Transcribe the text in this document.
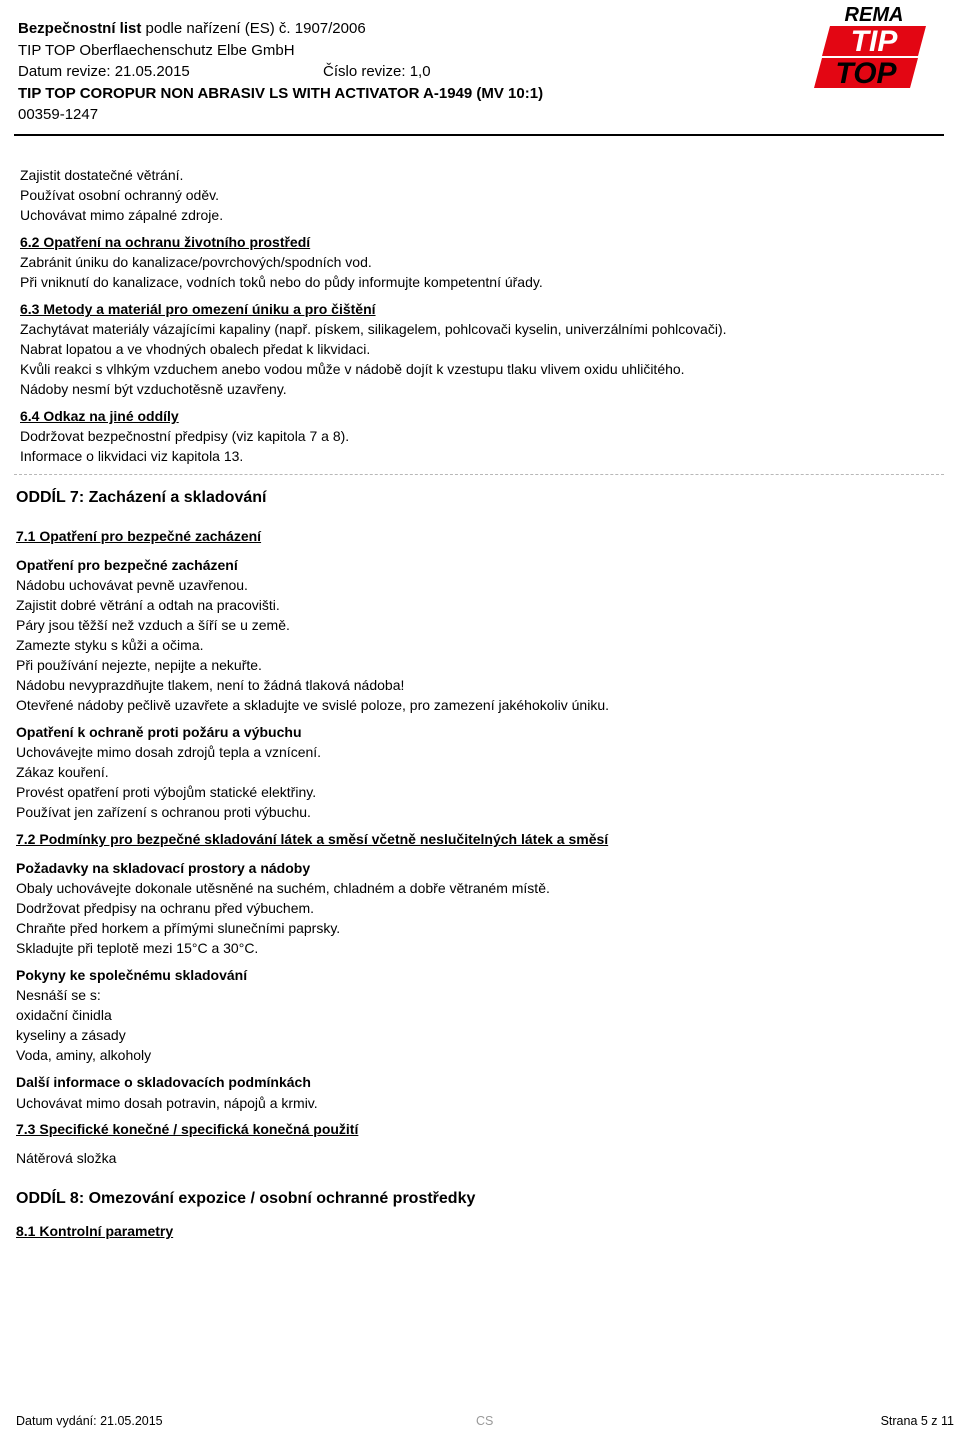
Bezpečnostní list podle nařízení (ES) č. 1907/2006
TIP TOP Oberflaechenschutz Elbe GmbH
Datum revize: 21.05.2015	Číslo revize: 1,0
TIP TOP COROPUR NON ABRASIV LS WITH ACTIVATOR A-1949 (MV 10:1)
00359-1247
REMA
TIP
TOP
Zajistit dostatečné větrání.
Používat osobní ochranný oděv.
Uchovávat mimo zápalné zdroje.
6.2 Opatření na ochranu životního prostředí
Zabránit úniku do kanalizace/povrchových/spodních vod.
Při vniknutí do kanalizace, vodních toků nebo do půdy informujte kompetentní úřady.
6.3 Metody a materiál pro omezení úniku a pro čištění
Zachytávat materiály vázajícími kapaliny (např. pískem, silikagelem, pohlcovači kyselin, univerzálními pohlcovači).
Nabrat lopatou a ve vhodných obalech předat k likvidaci.
Kvůli reakci s vlhkým vzduchem anebo vodou může v nádobě dojít k vzestupu tlaku vlivem oxidu uhličitého.
Nádoby nesmí být vzduchotěsně uzavřeny.
6.4 Odkaz na jiné oddíly
Dodržovat bezpečnostní předpisy (viz kapitola 7 a 8).
Informace o likvidaci viz kapitola 13.
ODDÍL 7: Zacházení a skladování
7.1 Opatření pro bezpečné zacházení
Opatření pro bezpečné zacházení
Nádobu uchovávat pevně uzavřenou.
Zajistit dobré větrání a odtah na pracovišti.
Páry jsou těžší než vzduch a šíří se u země.
Zamezte styku s kůži a očima.
Při používání nejezte, nepijte a nekuřte.
Nádobu nevyprazdňujte tlakem, není to žádná tlaková nádoba!
Otevřené nádoby pečlivě uzavřete a skladujte ve svislé poloze, pro zamezení jakéhokoliv úniku.
Opatření k ochraně proti požáru a výbuchu
Uchovávejte mimo dosah zdrojů tepla a vznícení.
Zákaz kouření.
Provést opatření proti výbojům statické elektřiny.
Používat jen zařízení s ochranou proti výbuchu.
7.2 Podmínky pro bezpečné skladování látek a směsí včetně neslučitelných látek a směsí
Požadavky na skladovací prostory a nádoby
Obaly uchovávejte dokonale utěsněné na suchém, chladném a dobře větraném místě.
Dodržovat předpisy na ochranu před výbuchem.
Chraňte před horkem a přímými slunečními paprsky.
Skladujte při teplotě mezi 15°C a 30°C.
Pokyny ke společnému skladování
Nesnáší se s:
oxidační činidla
kyseliny a zásady
Voda, aminy, alkoholy
Další informace o skladovacích podmínkách
Uchovávat mimo dosah potravin, nápojů a krmiv.
7.3 Specifické konečné / specifická konečná použití
Nátěrová složka
ODDÍL 8: Omezování expozice / osobní ochranné prostředky
8.1 Kontrolní parametry
Datum vydání: 21.05.2015	CS	Strana 5 z 11
